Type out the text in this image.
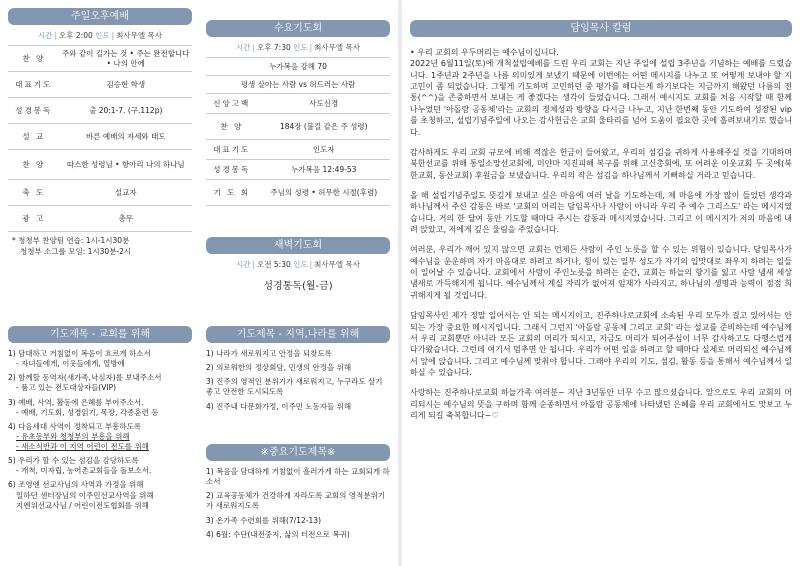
주일오후예배
시간 | 오후 2:00 인도 | 최사무엘 목사
찬 양	주와 같이 길가는 것 • 주는 완전합니다 • 나의 안에
대표기도	김승현 학생
성경봉독	출 20:1-7. (구.112p)
설 교	바른 예배의 자세와 태도
찬 양	따스한 성령님 • 항아리 나의 하나님
축 도	설교자
광 고	총무
* 청청부 찬양팀 연습: 1시-1시30분
청청부 소그룹 모임: 1시30분-2시
수요기도회
시간 | 오후 7:30 인도 | 최사무엘 목사
누가복음 강해 70	
평생 살아는 사람 vs 허드러는 사람	
신앙고백	사도신경
찬 양	184장 (불길 같은 주 성령)
대표기도	인도자
성경봉독	누가복음 12:49-53
기 도 회	주님의 성령 • 허무한 시절(후렴)
새벽기도회
시간 | 오전 5:30 인도 | 최사무엘 목사
성경통독(월-금)
기도제목 - 교회를 위해
1) 담대하고 거침없이 복음이 흐르게 하소서
- 자녀들에게, 이웃들에게, 열방에
2) 함께할 동역자(새가족,낙심자)를 보내주소서
- 품고 있는 전도대상자들(VIP)
3) 예배, 사역, 활동에 은혜를 부어주소서.
- 예배, 기도회, 성경읽기, 목장, 각종훈련 등
4) 다음세대 사역이 정착되고 부흥하도록
- 유초등부와 청청부의 부흥을 위해
- 새소식반과 이 지역 어린이 전도를 위해
5) 우리가 할 수 있는 섬김을 감당하도록
- 개척, 미자립, 농어촌교회들을 돌보소서.
6) 조영엔 선교사님의 사역과 가정을 위해
일하던 센터장님의 이주민선교사역을 위해
지엔위선교사님 / 어린이전도협회를 위해
기도제목 - 지역,나라를 위해
1) 나라가 새로워지고 안정을 되찾도록
2) 의로워한의 정상회담, 민생의 안정을 위해
3) 진주의 영적인 분위기가 새로워지고, 누구라도 살기 좋고 안전한 도시되도록
4) 진주내 다문화가정, 이주민 노동자들 위해
※중요기도제목※
1) 복음을 담대하게 거침없이 흘러가게 하는 교회되게 하소서
2) 교육공동체가 건강하게 자라도록 교회의 영적분위기가 새로워지도록
3) 온가족 수련회를 위해(7/12-13)
4) 6월: 수단(내전중지, 삶의 터전으로 복귀)
담임목사 칼럼

• 우리 교회의 우두머리는 예수님이십니다.
2022년 6월11일(토)에 개척설립예배를 드린 우리 교회는 지난 주일에 설립 3주년을 기념하는 예배를 드렸습니다. 1주년과 2주년을 나름 의미있게 보냈기 때문에 이번에는 어떤 메시지를 나누고 또 어떻게 보내야 할 지 고민이 좀 되었습니다. 그렇게 기도하며 고민하던 중 평가를 해다는게 하기보다는 지금까지 해왔던 나름의 전통(^^)을 존중하면서 보내는 게 좋겠다는 생각이 들었습니다. 그래서 예시지도 교회를 처음 시작할 때 함께 나누었던 '아돌람 공동체'라는 교회의 정체성과 방향을 다시금 나누고, 지난 한번째 동안 기도하여 성장된 vip를 초청하고, 설립기념주일에 나오는 감사헌금은 교회 울타리를 넘어 도움이 필요한 곳에 흘려보내기로 했습니다.

감사하게도 우리 교회 규모에 비해 적잖은 헌금이 들어왔고, 우리의 섬김을 귀하게 사용해주실 것을 기대하며 북한선교를 위해 통일소망선교회에, 미얀마 지진피해 복구를 위해 고신총회에, 또 어려운 이웃교회 두 곳에(북한교회, 동산교회) 후원금을 보냈습니다. 우리의 작은 섬김을 하나님께서 기뻐하실 거라고 믿습니다.

올 해 설립기념주일도 뜻깊게 보내고 싶은 마음에 여러 날을 기도하는데, 제 마음에 가장 많이 들었던 생각과 하나님께서 주신 감동은 바로 '교회의 머리는 담임목사나 사람이 아니라 우리 주 예수 그리스도' 라는 메시지였습니다. 거의 한 달여 동안 기도할 때마다 주시는 감동과 메시지였습니다. 그리고 이 메시지가 저의 마음에 내려 앉았고, 저에게 깊은 울림을 주었습니다.

여러분, 우리가 깨어 있지 않으면 교회는 언제든 사람이 주인 노릇을 할 수 있는 위험이 있습니다. 담임목사가 예수님을 운운하며 자기 마음대로 하려고 하거나, 힘이 있는 일부 성도가 자기의 입맛대로 좌우지 하려는 일들이 일어날 수 있습니다. 교회에서 사람이 주인노릇을 하려는 순간, 교회는 하늘의 향기를 잃고 사람 냄새 세상 냄새로 가득해지게 됩니다. 예수님께서 계실 자리가 없어져 임재가 사라지고, 하나님의 생명과 능력이 점점 희귀해지게 될 것입니다.

담임목사인 제가 정말 일어서는 안 되는 메시지이고, 진주하나로교회에 소속된 우리 모두가 걸고 있어서는 안 되는 가장 중요한 메시지입니다. 그래서 그런지 '아돌람 공동체 그리고 교회' 라는 설교를 준비하는데 예수님께서 우리 교회뿐만 아니라 모든 교회의 머리가 되시고, 지금도 머리가 되어주심이 너무 감사하고도 다행스럽게 다가왔습니다. 그런데 여기서 멈추면 안 됩니다. 우리가 어떤 일을 하려고 할 때마다 실제로 머리되신 예수님께서 앞에 앉습니다. 그리고 예수님께 맞춰야 합니다. 그래야 우리의 기도, 섬김, 활동 등을 통해서 예수님께서 일하실 수 있습니다.

사랑하는 진주하나로교회 하늘가족 여러분~ 지난 3년동안 너무 수고 많으셨습니다. 앞으로도 우리 교회의 머리되시는 예수님의 뜻을 구하며 함께 순종하면서 아돌람 공동체에 나타냈던 은혜를 우리 교회에서도 맛보고 누리게 되길 축복합니다~♡
